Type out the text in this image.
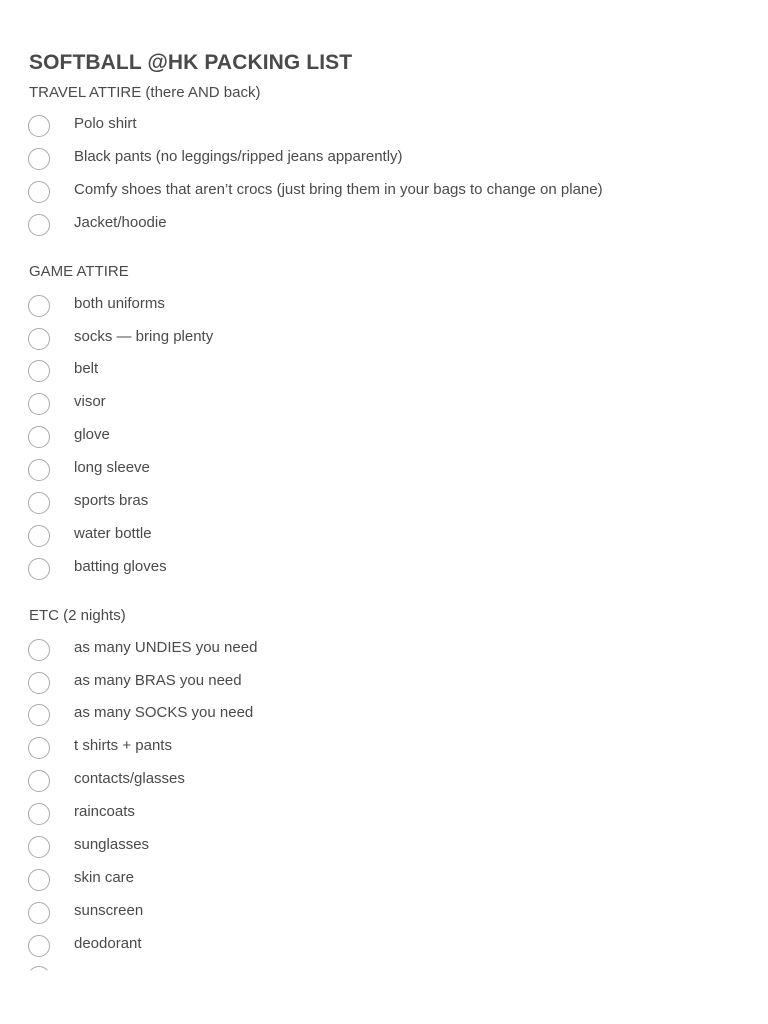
SOFTBALL @HK PACKING LIST
TRAVEL ATTIRE (there AND back)
Polo shirt
Black pants (no leggings/ripped jeans apparently)
Comfy shoes that aren’t crocs (just bring them in your bags to change on plane)
Jacket/hoodie
GAME ATTIRE
both uniforms
socks — bring plenty
belt
visor
glove
long sleeve
sports bras
water bottle
batting gloves
ETC (2 nights)
as many UNDIES you need
as many BRAS you need
as many SOCKS you need
t shirts + pants
contacts/glasses
raincoats
sunglasses
skin care
sunscreen
deodorant
